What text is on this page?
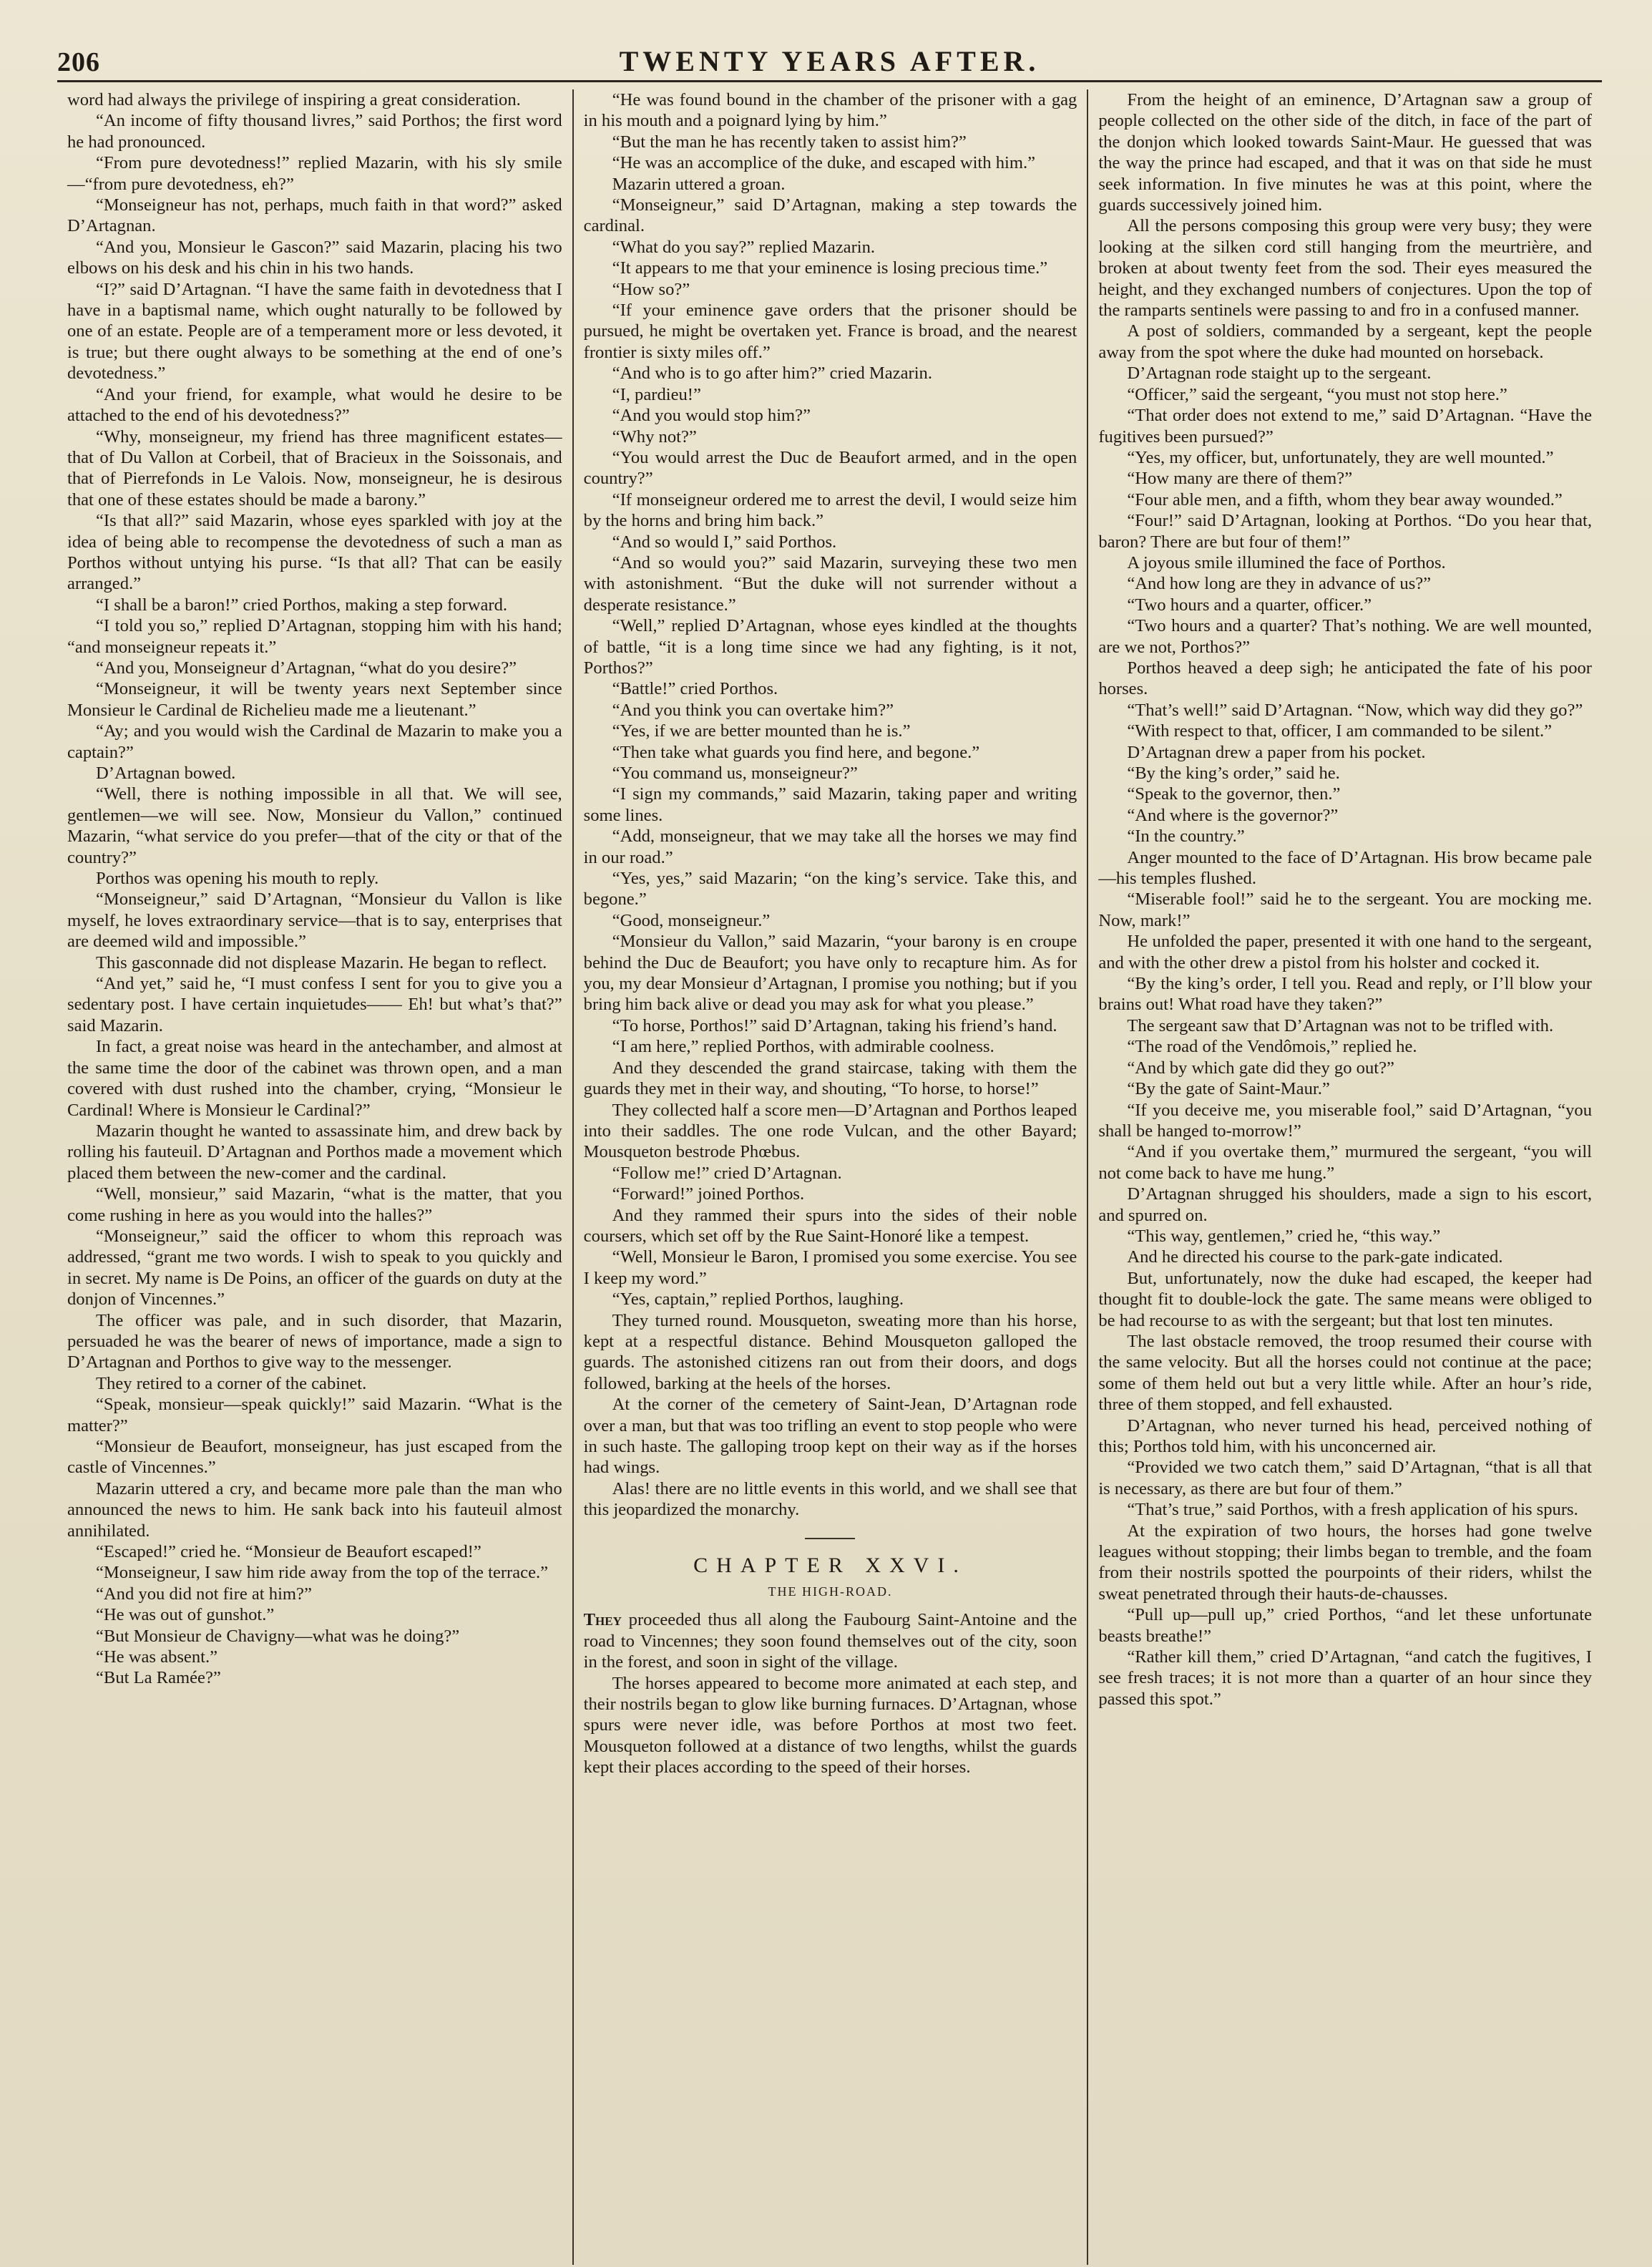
206	TWENTY YEARS AFTER.

word had always the privilege of inspiring a great consideration.

“An income of fifty thousand livres,” said Porthos; the first word he had pronounced.

“From pure devotedness!” replied Mazarin, with his sly smile—“from pure devotedness, eh?”

“Monseigneur has not, perhaps, much faith in that word?” asked D’Artagnan.

“And you, Monsieur le Gascon?” said Mazarin, placing his two elbows on his desk and his chin in his two hands.

“I?” said D’Artagnan. “I have the same faith in devotedness that I have in a baptismal name, which ought naturally to be followed by one of an estate. People are of a temperament more or less devoted, it is true; but there ought always to be something at the end of one’s devotedness.”

“And your friend, for example, what would he desire to be attached to the end of his devotedness?”

“Why, monseigneur, my friend has three magnificent estates—that of Du Vallon at Corbeil, that of Bracieux in the Soissonais, and that of Pierrefonds in Le Valois. Now, monseigneur, he is desirous that one of these estates should be made a barony.”

“Is that all?” said Mazarin, whose eyes sparkled with joy at the idea of being able to recompense the devotedness of such a man as Porthos without untying his purse. “Is that all? That can be easily arranged.”

“I shall be a baron!” cried Porthos, making a step forward.

“I told you so,” replied D’Artagnan, stopping him with his hand; “and monseigneur repeats it.”

“And you, Monseigneur d’Artagnan, “what do you desire?”

“Monseigneur, it will be twenty years next September since Monsieur le Cardinal de Richelieu made me a lieutenant.”

“Ay; and you would wish the Cardinal de Mazarin to make you a captain?”

D’Artagnan bowed.

“Well, there is nothing impossible in all that. We will see, gentlemen—we will see. Now, Monsieur du Vallon,” continued Mazarin, “what service do you prefer—that of the city or that of the country?”

Porthos was opening his mouth to reply.

“Monseigneur,” said D’Artagnan, “Monsieur du Vallon is like myself, he loves extraordinary service—that is to say, enterprises that are deemed wild and impossible.”

This gasconnade did not displease Mazarin. He began to reflect.

“And yet,” said he, “I must confess I sent for you to give you a sedentary post. I have certain inquietudes—— Eh! but what’s that?” said Mazarin.

In fact, a great noise was heard in the antechamber, and almost at the same time the door of the cabinet was thrown open, and a man covered with dust rushed into the chamber, crying, “Monsieur le Cardinal! Where is Monsieur le Cardinal?”

Mazarin thought he wanted to assassinate him, and drew back by rolling his fauteuil. D’Artagnan and Porthos made a movement which placed them between the new-comer and the cardinal.

“Well, monsieur,” said Mazarin, “what is the matter, that you come rushing in here as you would into the halles?”

“Monseigneur,” said the officer to whom this reproach was addressed, “grant me two words. I wish to speak to you quickly and in secret. My name is De Poins, an officer of the guards on duty at the donjon of Vincennes.”

The officer was pale, and in such disorder, that Mazarin, persuaded he was the bearer of news of importance, made a sign to D’Artagnan and Porthos to give way to the messenger.

They retired to a corner of the cabinet.

“Speak, monsieur—speak quickly!” said Mazarin. “What is the matter?”

“Monsieur de Beaufort, monseigneur, has just escaped from the castle of Vincennes.”

Mazarin uttered a cry, and became more pale than the man who announced the news to him. He sank back into his fauteuil almost annihilated.

“Escaped!” cried he. “Monsieur de Beaufort escaped!”

“Monseigneur, I saw him ride away from the top of the terrace.”

“And you did not fire at him?”

“He was out of gunshot.”

“But Monsieur de Chavigny—what was he doing?”

“He was absent.”

“But La Ramée?”

“He was found bound in the chamber of the prisoner with a gag in his mouth and a poignard lying by him.”

“But the man he has recently taken to assist him?”

“He was an accomplice of the duke, and escaped with him.”

Mazarin uttered a groan.

“Monseigneur,” said D’Artagnan, making a step towards the cardinal.

“What do you say?” replied Mazarin.

“It appears to me that your eminence is losing precious time.”

“How so?”

“If your eminence gave orders that the prisoner should be pursued, he might be overtaken yet. France is broad, and the nearest frontier is sixty miles off.”

“And who is to go after him?” cried Mazarin.

“I, pardieu!”

“And you would stop him?”

“Why not?”

“You would arrest the Duc de Beaufort armed, and in the open country?”

“If monseigneur ordered me to arrest the devil, I would seize him by the horns and bring him back.”

“And so would I,” said Porthos.

“And so would you?” said Mazarin, surveying these two men with astonishment. “But the duke will not surrender without a desperate resistance.”

“Well,” replied D’Artagnan, whose eyes kindled at the thoughts of battle, “it is a long time since we had any fighting, is it not, Porthos?”

“Battle!” cried Porthos.

“And you think you can overtake him?”

“Yes, if we are better mounted than he is.”

“Then take what guards you find here, and begone.”

“You command us, monseigneur?”

“I sign my commands,” said Mazarin, taking paper and writing some lines.

“Add, monseigneur, that we may take all the horses we may find in our road.”

“Yes, yes,” said Mazarin; “on the king’s service. Take this, and begone.”

“Good, monseigneur.”

“Monsieur du Vallon,” said Mazarin, “your barony is en croupe behind the Duc de Beaufort; you have only to recapture him. As for you, my dear Monsieur d’Artagnan, I promise you nothing; but if you bring him back alive or dead you may ask for what you please.”

“To horse, Porthos!” said D’Artagnan, taking his friend’s hand.

“I am here,” replied Porthos, with admirable coolness.

And they descended the grand staircase, taking with them the guards they met in their way, and shouting, “To horse, to horse!”

They collected half a score men—D’Artagnan and Porthos leaped into their saddles. The one rode Vulcan, and the other Bayard; Mousqueton bestrode Phœbus.

“Follow me!” cried D’Artagnan.

“Forward!” joined Porthos.

And they rammed their spurs into the sides of their noble coursers, which set off by the Rue Saint-Honoré like a tempest.

“Well, Monsieur le Baron, I promised you some exercise. You see I keep my word.”

“Yes, captain,” replied Porthos, laughing.

They turned round. Mousqueton, sweating more than his horse, kept at a respectful distance. Behind Mousqueton galloped the guards. The astonished citizens ran out from their doors, and dogs followed, barking at the heels of the horses.

At the corner of the cemetery of Saint-Jean, D’Artagnan rode over a man, but that was too trifling an event to stop people who were in such haste. The galloping troop kept on their way as if the horses had wings.

Alas! there are no little events in this world, and we shall see that this jeopardized the monarchy.

CHAPTER XXVI.
THE HIGH-ROAD.

They proceeded thus all along the Faubourg Saint-Antoine and the road to Vincennes; they soon found themselves out of the city, soon in the forest, and soon in sight of the village.

The horses appeared to become more animated at each step, and their nostrils began to glow like burning furnaces. D’Artagnan, whose spurs were never idle, was before Porthos at most two feet. Mousqueton followed at a distance of two lengths, whilst the guards kept their places according to the speed of their horses.

From the height of an eminence, D’Artagnan saw a group of people collected on the other side of the ditch, in face of the part of the donjon which looked towards Saint-Maur. He guessed that was the way the prince had escaped, and that it was on that side he must seek information. In five minutes he was at this point, where the guards successively joined him.

All the persons composing this group were very busy; they were looking at the silken cord still hanging from the meurtrière, and broken at about twenty feet from the sod. Their eyes measured the height, and they exchanged numbers of conjectures. Upon the top of the ramparts sentinels were passing to and fro in a confused manner.

A post of soldiers, commanded by a sergeant, kept the people away from the spot where the duke had mounted on horseback.

D’Artagnan rode staight up to the sergeant.

“Officer,” said the sergeant, “you must not stop here.”

“That order does not extend to me,” said D’Artagnan. “Have the fugitives been pursued?”

“Yes, my officer, but, unfortunately, they are well mounted.”

“How many are there of them?”

“Four able men, and a fifth, whom they bear away wounded.”

“Four!” said D’Artagnan, looking at Porthos. “Do you hear that, baron? There are but four of them!”

A joyous smile illumined the face of Porthos.

“And how long are they in advance of us?”

“Two hours and a quarter, officer.”

“Two hours and a quarter? That’s nothing. We are well mounted, are we not, Porthos?”

Porthos heaved a deep sigh; he anticipated the fate of his poor horses.

“That’s well!” said D’Artagnan. “Now, which way did they go?”

“With respect to that, officer, I am commanded to be silent.”

D’Artagnan drew a paper from his pocket.

“By the king’s order,” said he.

“Speak to the governor, then.”

“And where is the governor?”

“In the country.”

Anger mounted to the face of D’Artagnan. His brow became pale—his temples flushed.

“Miserable fool!” said he to the sergeant. You are mocking me. Now, mark!”

He unfolded the paper, presented it with one hand to the sergeant, and with the other drew a pistol from his holster and cocked it.

“By the king’s order, I tell you. Read and reply, or I’ll blow your brains out! What road have they taken?”

The sergeant saw that D’Artagnan was not to be trifled with.

“The road of the Vendômois,” replied he.

“And by which gate did they go out?”

“By the gate of Saint-Maur.”

“If you deceive me, you miserable fool,” said D’Artagnan, “you shall be hanged to-morrow!”

“And if you overtake them,” murmured the sergeant, “you will not come back to have me hung.”

D’Artagnan shrugged his shoulders, made a sign to his escort, and spurred on.

“This way, gentlemen,” cried he, “this way.”

And he directed his course to the park-gate indicated.

But, unfortunately, now the duke had escaped, the keeper had thought fit to double-lock the gate. The same means were obliged to be had recourse to as with the sergeant; but that lost ten minutes.

The last obstacle removed, the troop resumed their course with the same velocity. But all the horses could not continue at the pace; some of them held out but a very little while. After an hour’s ride, three of them stopped, and fell exhausted.

D’Artagnan, who never turned his head, perceived nothing of this; Porthos told him, with his unconcerned air.

“Provided we two catch them,” said D’Artagnan, “that is all that is necessary, as there are but four of them.”

“That’s true,” said Porthos, with a fresh application of his spurs.

At the expiration of two hours, the horses had gone twelve leagues without stopping; their limbs began to tremble, and the foam from their nostrils spotted the pourpoints of their riders, whilst the sweat penetrated through their hauts-de-chausses.

“Pull up—pull up,” cried Porthos, “and let these unfortunate beasts breathe!”

“Rather kill them,” cried D’Artagnan, “and catch the fugitives, I see fresh traces; it is not more than a quarter of an hour since they passed this spot.”
